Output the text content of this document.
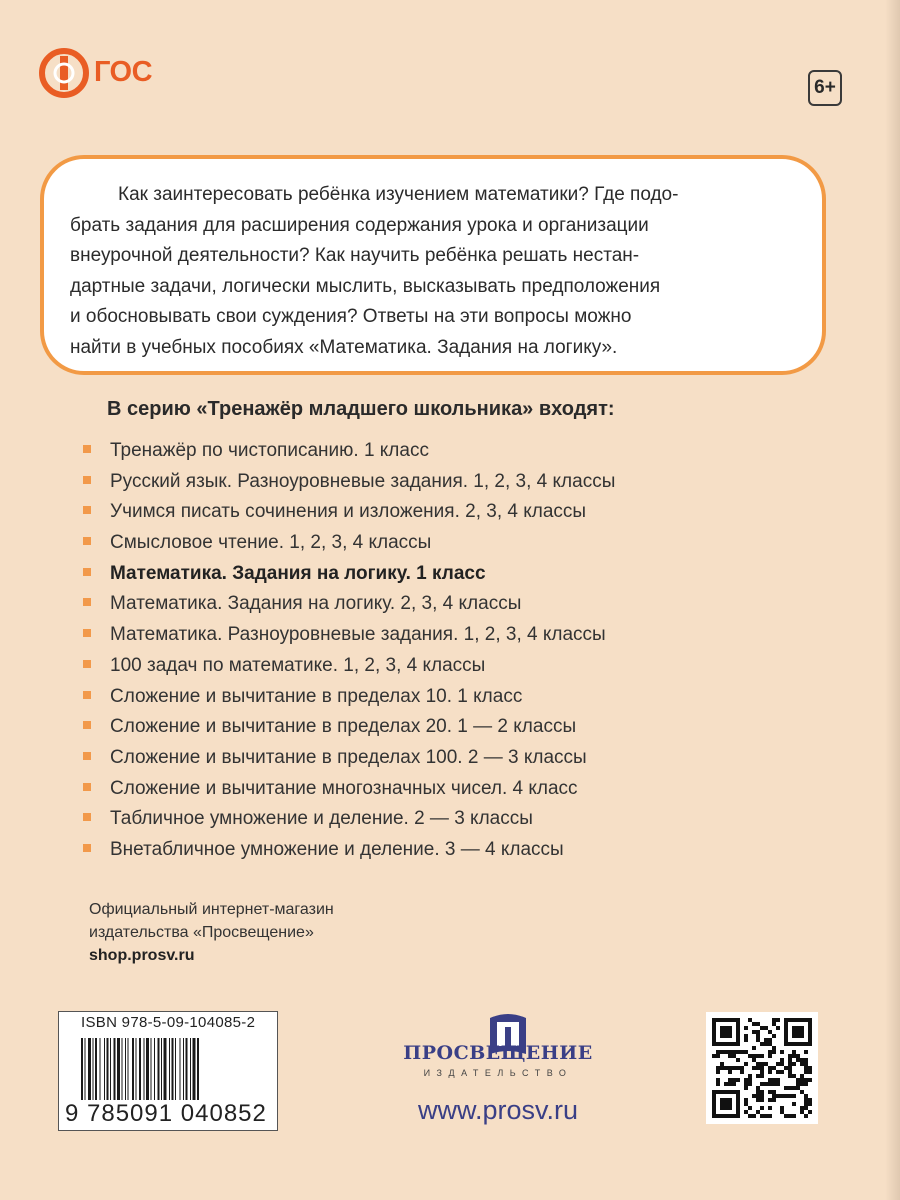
ГОС	6+
Как заинтересовать ребёнка изучением математики? Где подо-
брать задания для расширения содержания урока и организации
внеурочной деятельности? Как научить ребёнка решать нестан-
дартные задачи, логически мыслить, высказывать предположения
и обосновывать свои суждения? Ответы на эти вопросы можно
найти в учебных пособиях «Математика. Задания на логику».
В серию «Тренажёр младшего школьника» входят:
Тренажёр по чистописанию. 1 класс
Русский язык. Разноуровневые задания. 1, 2, 3, 4 классы
Учимся писать сочинения и изложения. 2, 3, 4 классы
Смысловое чтение. 1, 2, 3, 4 классы
Математика. Задания на логику. 1 класс
Математика. Задания на логику. 2, 3, 4 классы
Математика. Разноуровневые задания. 1, 2, 3, 4 классы
100 задач по математике. 1, 2, 3, 4 классы
Сложение и вычитание в пределах 10. 1 класс
Сложение и вычитание в пределах 20. 1 — 2 классы
Сложение и вычитание в пределах 100. 2 — 3 классы
Сложение и вычитание многозначных чисел. 4 класс
Табличное умножение и деление. 2 — 3 классы
Внетабличное умножение и деление. 3 — 4 классы
Официальный интернет-магазин
издательства «Просвещение»
shop.prosv.ru
ISBN 978-5-09-104085-2
9 785091 040852
ПРОСВЕЩЕНИЕ
ИЗДАТЕЛЬСТВО
www.prosv.ru
